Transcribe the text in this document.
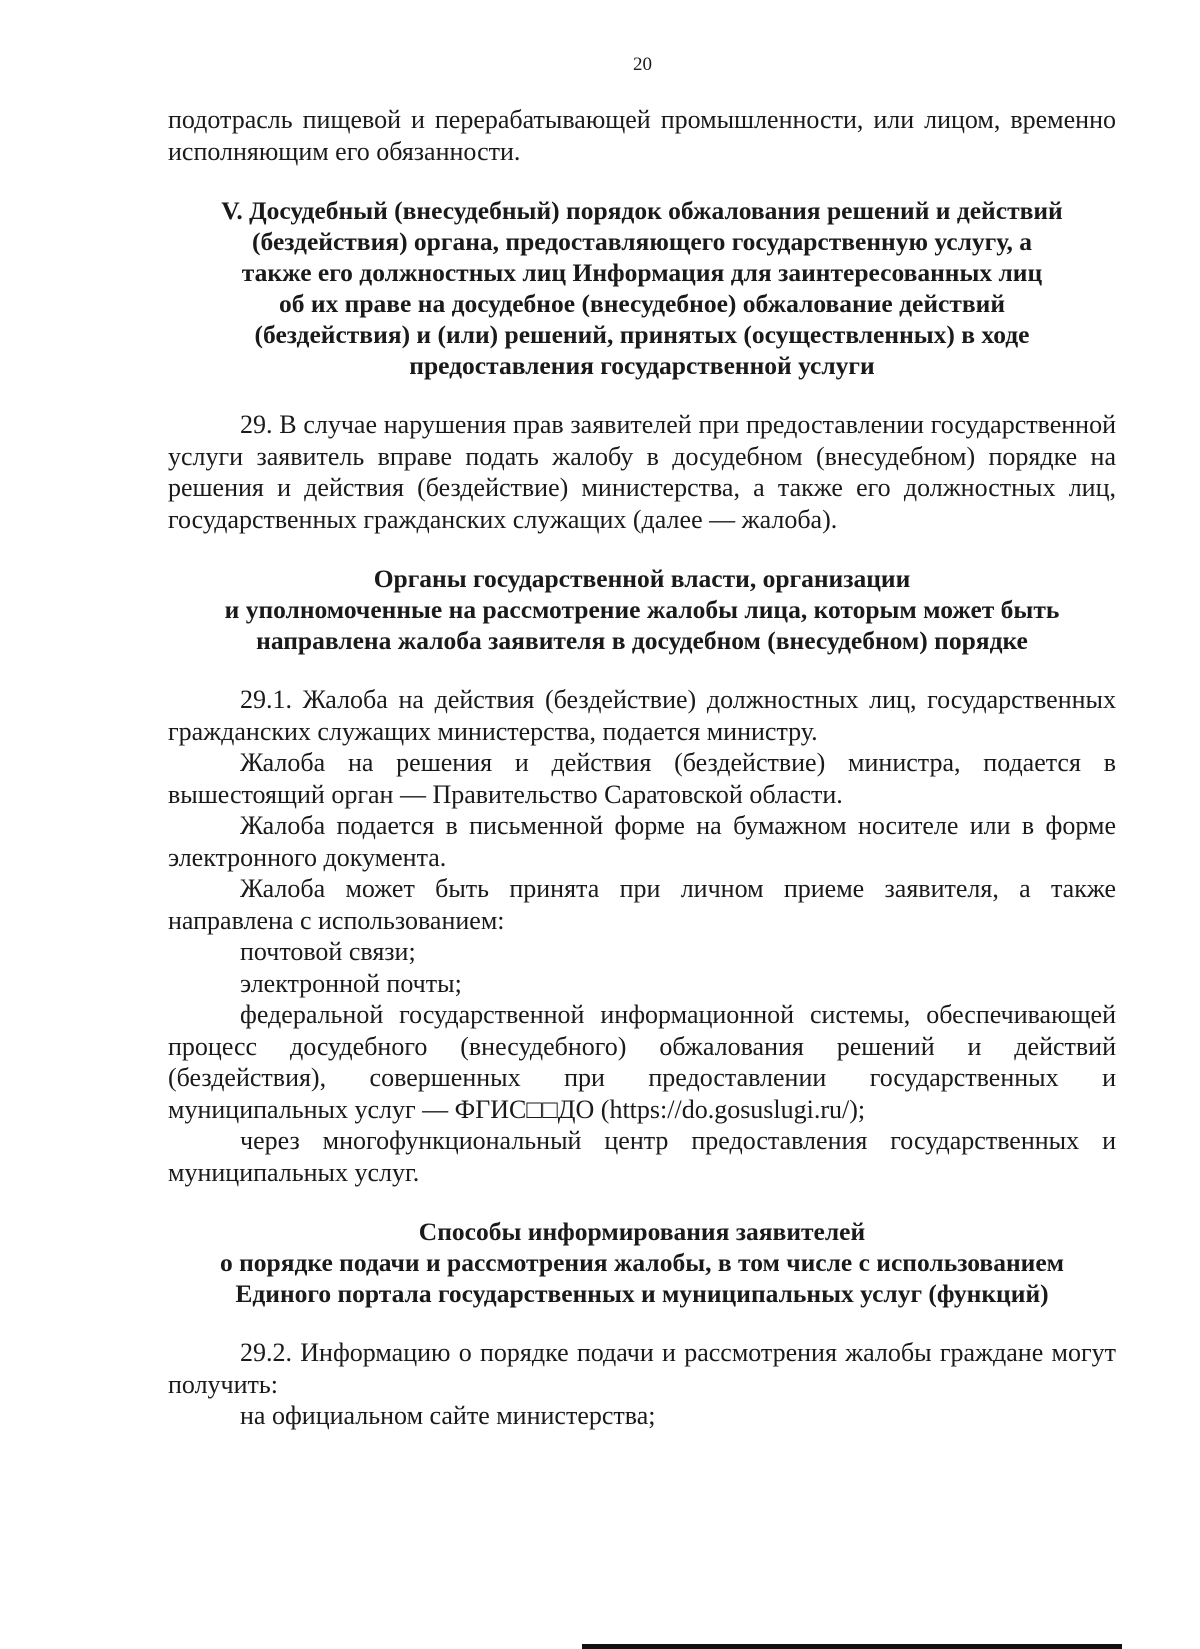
20

подотрасль пищевой и перерабатывающей промышленности, или лицом, временно исполняющим его обязанности.

V. Досудебный (внесудебный) порядок обжалования решений и действий
(бездействия) органа, предоставляющего государственную услугу, а
также его должностных лиц Информация для заинтересованных лиц
об их праве на досудебное (внесудебное) обжалование действий
(бездействия) и (или) решений, принятых (осуществленных) в ходе
предоставления государственной услуги

29. В случае нарушения прав заявителей при предоставлении государственной услуги заявитель вправе подать жалобу в досудебном (внесудебном) порядке на решения и действия (бездействие) министерства, а также его должностных лиц, государственных гражданских служащих (далее — жалоба).

Органы государственной власти, организации
и уполномоченные на рассмотрение жалобы лица, которым может быть
направлена жалоба заявителя в досудебном (внесудебном) порядке

29.1. Жалоба на действия (бездействие) должностных лиц, государственных гражданских служащих министерства, подается министру.

Жалоба на решения и действия (бездействие) министра, подается в вышестоящий орган — Правительство Саратовской области.

Жалоба подается в письменной форме на бумажном носителе или в форме электронного документа.

Жалоба может быть принята при личном приеме заявителя, а также направлена с использованием:

почтовой связи;

электронной почты;

федеральной государственной информационной системы, обеспечивающей процесс досудебного (внесудебного) обжалования решений и действий (бездействия), совершенных при предоставлении государственных и муниципальных услуг — ФГИС□□ДО (https://do.gosuslugi.ru/);

через многофункциональный центр предоставления государственных и муниципальных услуг.

Способы информирования заявителей
о порядке подачи и рассмотрения жалобы, в том числе с использованием
Единого портала государственных и муниципальных услуг (функций)

29.2. Информацию о порядке подачи и рассмотрения жалобы граждане могут получить:

на официальном сайте министерства;
